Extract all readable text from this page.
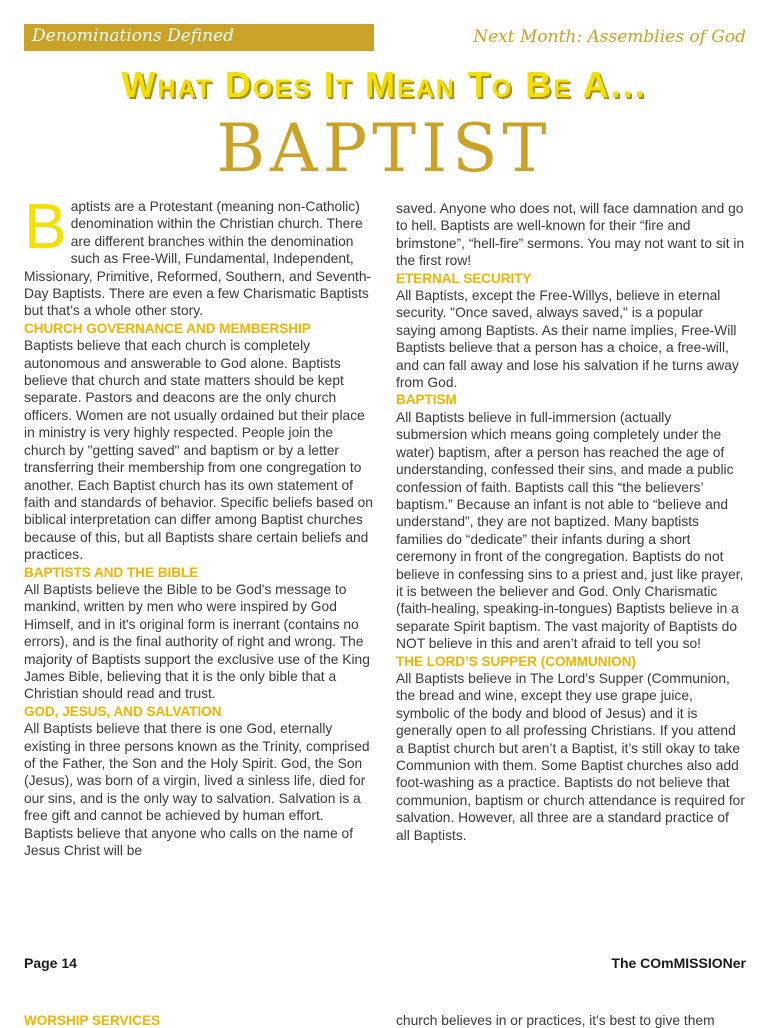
Denominations Defined	Next Month: Assemblies of God
What Does It Mean To Be A...
BAPTIST

Baptists are a Protestant (meaning non-Catholic) denomination within the Christian church. There are different branches within the denomination such as Free-Will, Fundamental, Independent, Missionary, Primitive, Reformed, Southern, and Seventh-Day Baptists. There are even a few Charismatic Baptists but that’s a whole other story.

CHURCH GOVERNANCE AND MEMBERSHIP

Baptists believe that each church is completely autonomous and answerable to God alone. Baptists believe that church and state matters should be kept separate. Pastors and deacons are the only church officers. Women are not usually ordained but their place in ministry is very highly respected. People join the church by "getting saved" and baptism or by a letter transferring their membership from one congregation to another. Each Baptist church has its own statement of faith and standards of behavior. Specific beliefs based on biblical interpretation can differ among Baptist churches because of this, but all Baptists share certain beliefs and practices.

BAPTISTS AND THE BIBLE

All Baptists believe the Bible to be God's message to mankind, written by men who were inspired by God Himself, and in it's original form is inerrant (contains no errors), and is the final authority of right and wrong. The majority of Baptists support the exclusive use of the King James Bible, believing that it is the only bible that a Christian should read and trust.

GOD, JESUS, AND SALVATION

All Baptists believe that there is one God, eternally existing in three persons known as the Trinity, comprised of the Father, the Son and the Holy Spirit. God, the Son (Jesus), was born of a virgin, lived a sinless life, died for our sins, and is the only way to salvation. Salvation is a free gift and cannot be achieved by human effort. Baptists believe that anyone who calls on the name of Jesus Christ will be

saved. Anyone who does not, will face damnation and go to hell. Baptists are well-known for their “fire and brimstone”, “hell-fire” sermons. You may not want to sit in the first row!

ETERNAL SECURITY

All Baptists, except the Free-Willys, believe in eternal security. "Once saved, always saved," is a popular saying among Baptists. As their name implies, Free-Will Baptists believe that a person has a choice, a free-will, and can fall away and lose his salvation if he turns away from God.

BAPTISM

All Baptists believe in full-immersion (actually submersion which means going completely under the water) baptism, after a person has reached the age of understanding, confessed their sins, and made a public confession of faith. Baptists call this “the believers’ baptism.” Because an infant is not able to “believe and understand”, they are not baptized. Many baptists families do “dedicate” their infants during a short ceremony in front of the congregation. Baptists do not believe in confessing sins to a priest and, just like prayer, it is between the believer and God. Only Charismatic (faith-healing, speaking-in-tongues) Baptists believe in a separate Spirit baptism. The vast majority of Baptists do NOT believe in this and aren’t afraid to tell you so!

THE LORD’S SUPPER (COMMUNION)

All Baptists believe in The Lord’s Supper (Communion, the bread and wine, except they use grape juice, symbolic of the body and blood of Jesus) and it is generally open to all professing Christians. If you attend a Baptist church but aren’t a Baptist, it’s still okay to take Communion with them. Some Baptist churches also add foot-washing as a practice. Baptists do not believe that communion, baptism or church attendance is required for salvation. However, all three are a standard practice of all Baptists.

Page 14	The COmMISSIONer
WORSHIP SERVICES	church believes in or practices, it's best to give them
